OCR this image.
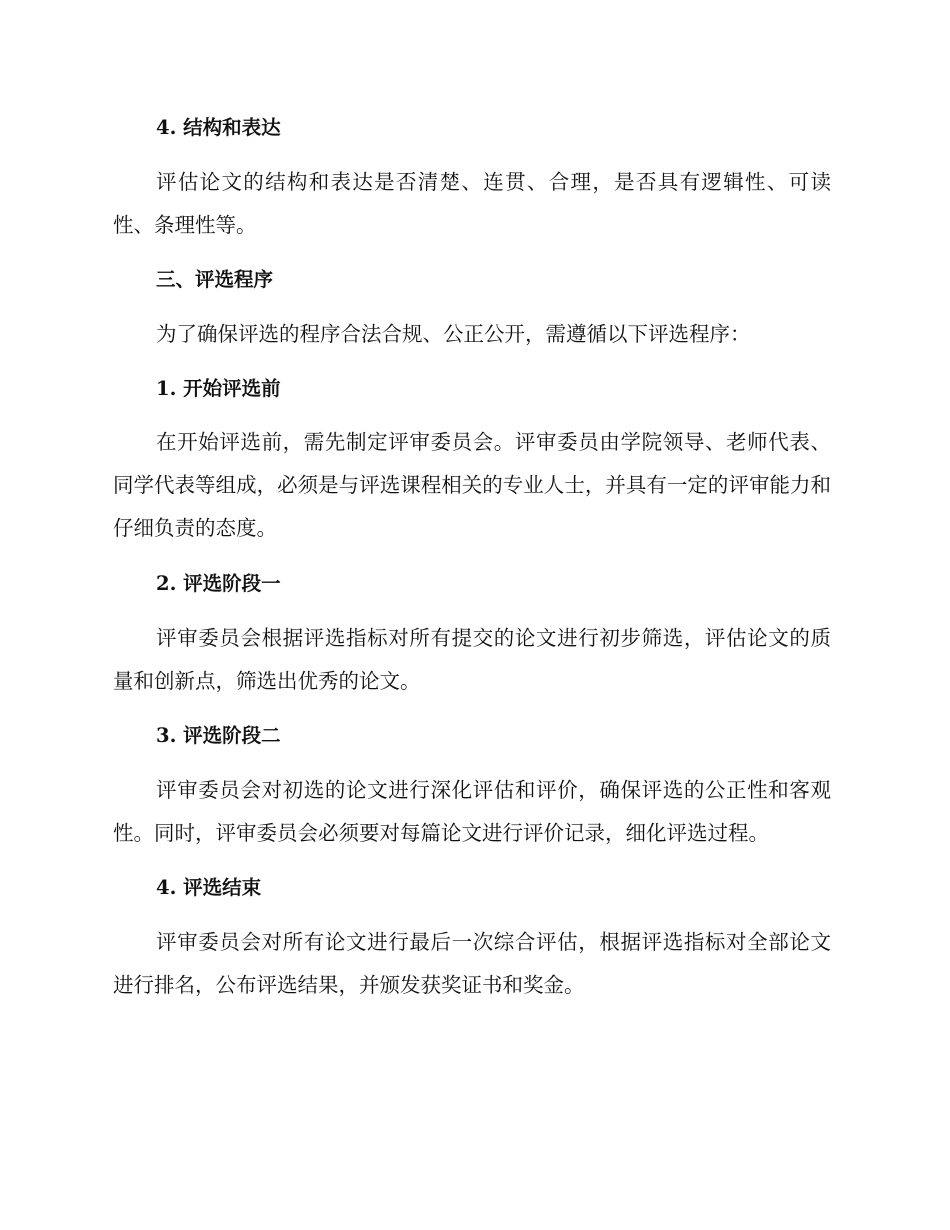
4. 结构和表达
评估论文的结构和表达是否清楚、连贯、合理，是否具有逻辑性、可读性、条理性等。
三、评选程序
为了确保评选的程序合法合规、公正公开，需遵循以下评选程序：
1. 开始评选前
在开始评选前，需先制定评审委员会。评审委员由学院领导、老师代表、同学代表等组成，必须是与评选课程相关的专业人士，并具有一定的评审能力和仔细负责的态度。
2. 评选阶段一
评审委员会根据评选指标对所有提交的论文进行初步筛选，评估论文的质量和创新点，筛选出优秀的论文。
3. 评选阶段二
评审委员会对初选的论文进行深化评估和评价，确保评选的公正性和客观性。同时，评审委员会必须要对每篇论文进行评价记录，细化评选过程。
4. 评选结束
评审委员会对所有论文进行最后一次综合评估，根据评选指标对全部论文进行排名，公布评选结果，并颁发获奖证书和奖金。
